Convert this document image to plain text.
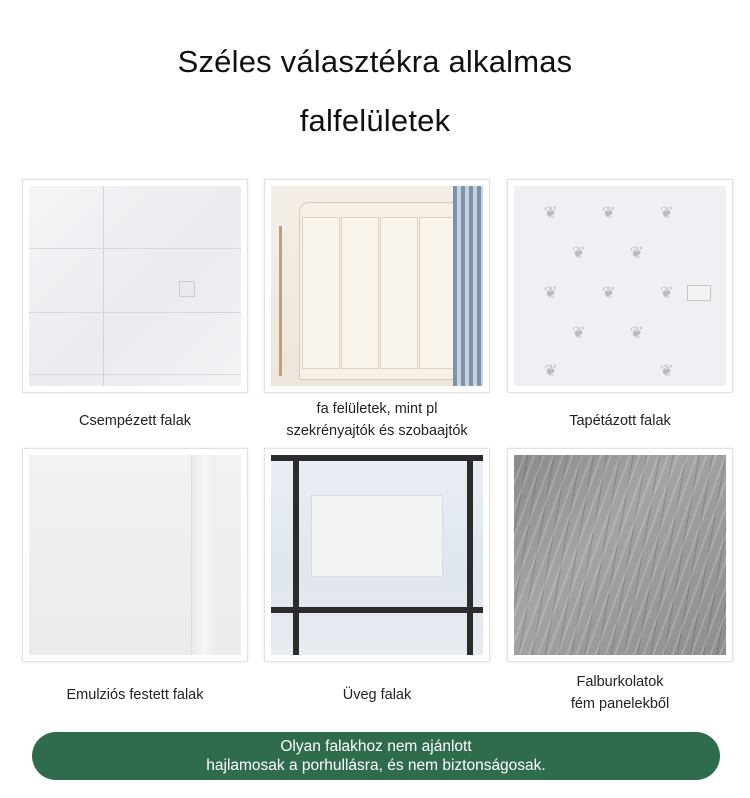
Széles választékra alkalmas
falfelületek
Csempézett falak
fa felületek, mint pl
szekrényajtók és szobaajtók
❦	❦	❦
❦	❦
❦	❦	❦
❦	❦
❦	❦
Tapétázott falak
Emulziós festett falak	Üveg falak
Falburkolatok
fém panelekből
Olyan falakhoz nem ajánlott
hajlamosak a porhullásra, és nem biztonságosak.
